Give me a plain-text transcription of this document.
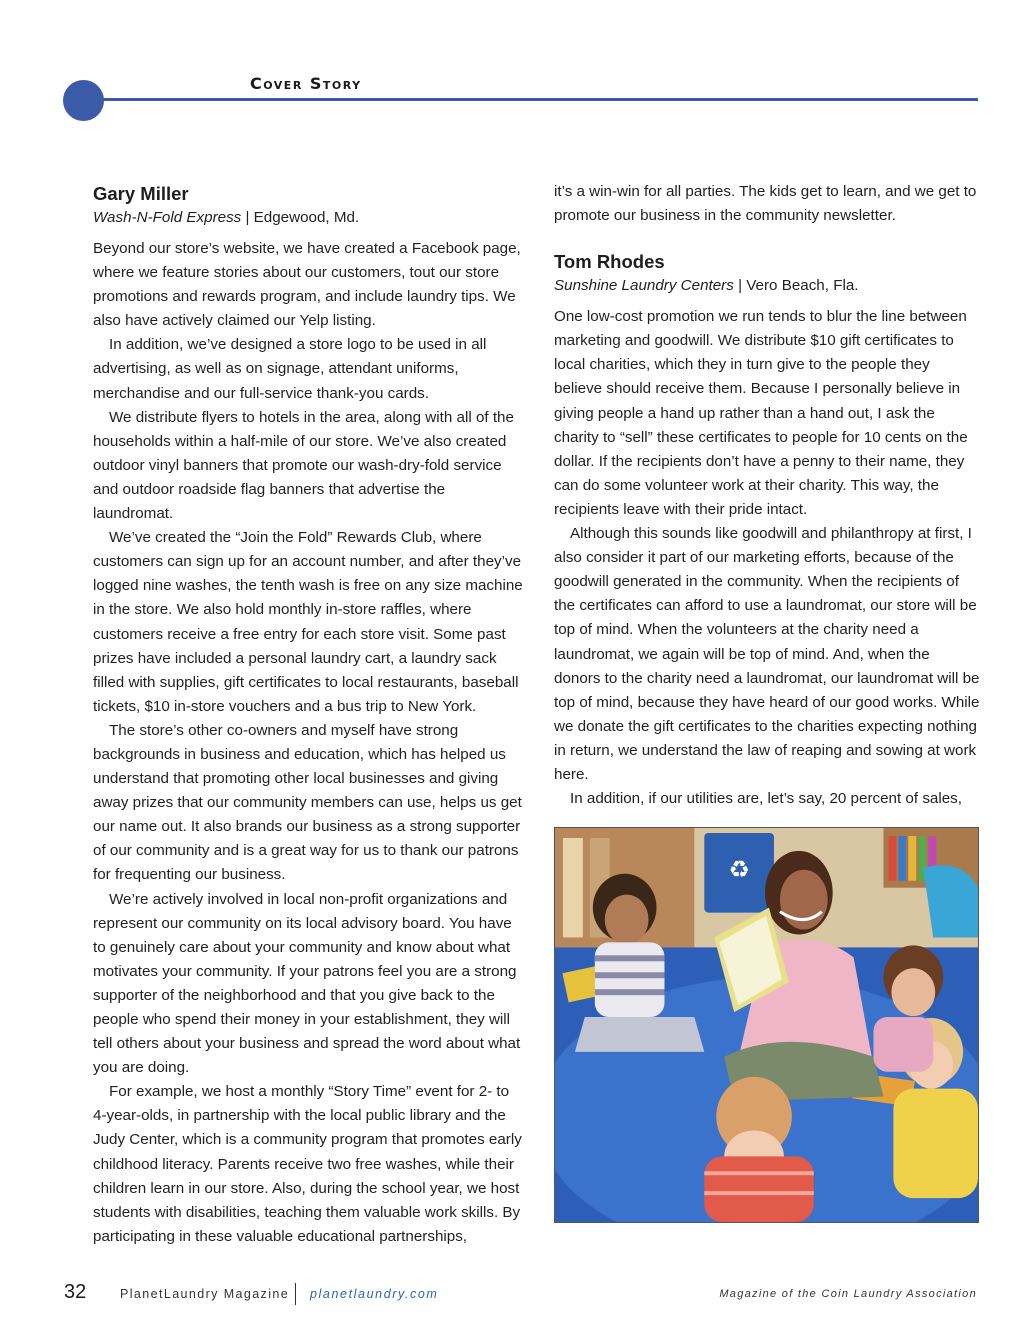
Cover Story
Gary Miller
Wash-N-Fold Express | Edgewood, Md.

Beyond our store’s website, we have created a Facebook page, where we feature stories about our customers, tout our store promotions and rewards program, and include laundry tips. We also have actively claimed our Yelp listing.

In addition, we’ve designed a store logo to be used in all advertising, as well as on signage, attendant uniforms, merchandise and our full-service thank-you cards.

We distribute flyers to hotels in the area, along with all of the households within a half-mile of our store. We’ve also created outdoor vinyl banners that promote our wash-dry-fold service and outdoor roadside flag banners that advertise the laundromat.

We’ve created the “Join the Fold” Rewards Club, where customers can sign up for an account number, and after they’ve logged nine washes, the tenth wash is free on any size machine in the store. We also hold monthly in-store raffles, where customers receive a free entry for each store visit. Some past prizes have included a personal laundry cart, a laundry sack filled with supplies, gift certificates to local restaurants, baseball tickets, $10 in-store vouchers and a bus trip to New York.

The store’s other co-owners and myself have strong backgrounds in business and education, which has helped us understand that promoting other local businesses and giving away prizes that our community members can use, helps us get our name out. It also brands our business as a strong supporter of our community and is a great way for us to thank our patrons for frequenting our business.

We’re actively involved in local non-profit organizations and represent our community on its local advisory board. You have to genuinely care about your community and know about what motivates your community. If your patrons feel you are a strong supporter of the neighborhood and that you give back to the people who spend their money in your establishment, they will tell others about your business and spread the word about what you are doing.

For example, we host a monthly “Story Time” event for 2- to 4-year-olds, in partnership with the local public library and the Judy Center, which is a community program that promotes early childhood literacy. Parents receive two free washes, while their children learn in our store. Also, during the school year, we host students with disabilities, teaching them valuable work skills. By participating in these valuable educational partnerships,

it’s a win-win for all parties. The kids get to learn, and we get to promote our business in the community newsletter.

Tom Rhodes
Sunshine Laundry Centers | Vero Beach, Fla.

One low-cost promotion we run tends to blur the line between marketing and goodwill. We distribute $10 gift certificates to local charities, which they in turn give to the people they believe should receive them. Because I personally believe in giving people a hand up rather than a hand out, I ask the charity to “sell” these certificates to people for 10 cents on the dollar. If the recipients don’t have a penny to their name, they can do some volunteer work at their charity. This way, the recipients leave with their pride intact.

Although this sounds like goodwill and philanthropy at first, I also consider it part of our marketing efforts, because of the goodwill generated in the community. When the recipients of the certificates can afford to use a laundromat, our store will be top of mind. When the volunteers at the charity need a laundromat, we again will be top of mind. And, when the donors to the charity need a laundromat, our laundromat will be top of mind, because they have heard of our good works. While we donate the gift certificates to the charities expecting nothing in return, we understand the law of reaping and sowing at work here.

In addition, if our utilities are, let’s say, 20 percent of sales,

♻
32	PlanetLaundry Magazine planetlaundry.com	Magazine of the Coin Laundry Association
